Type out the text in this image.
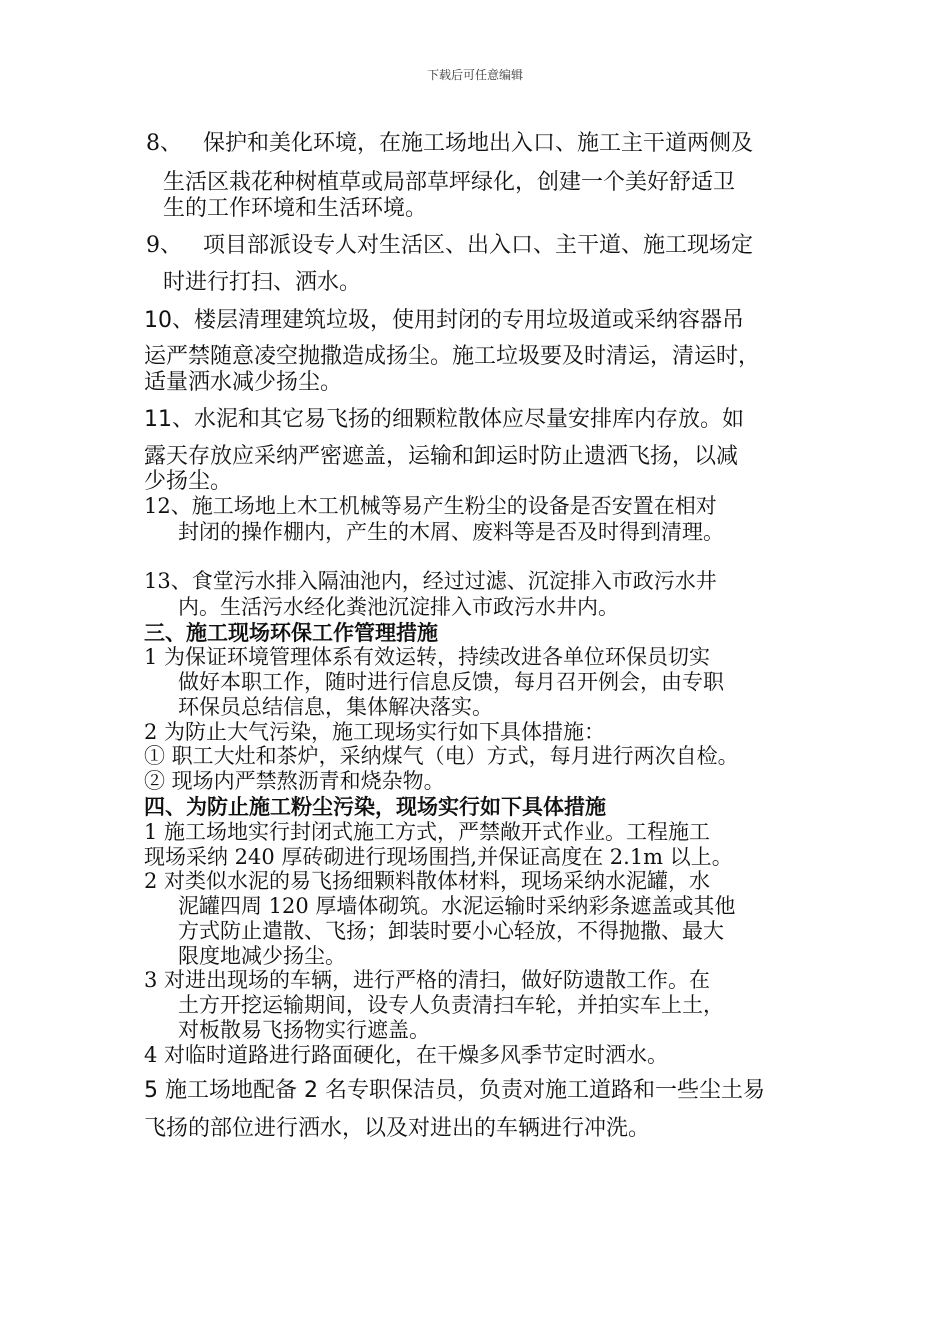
下载后可任意编辑
8、 保护和美化环境，在施工场地出入口、施工主干道两侧及
生活区栽花种树植草或局部草坪绿化，创建一个美好舒适卫
生的工作环境和生活环境。
9、 项目部派设专人对生活区、出入口、主干道、施工现场定
时进行打扫、洒水。
10、楼层清理建筑垃圾，使用封闭的专用垃圾道或采纳容器吊
运严禁随意凌空抛撒造成扬尘。施工垃圾要及时清运，清运时，
适量洒水减少扬尘。
11、水泥和其它易飞扬的细颗粒散体应尽量安排库内存放。如
露天存放应采纳严密遮盖，运输和卸运时防止遗洒飞扬，以减
少扬尘。
12、施工场地上木工机械等易产生粉尘的设备是否安置在相对
封闭的操作棚内，产生的木屑、废料等是否及时得到清理。
13、食堂污水排入隔油池内，经过过滤、沉淀排入市政污水井
内。生活污水经化粪池沉淀排入市政污水井内。
三、施工现场环保工作管理措施
1 为保证环境管理体系有效运转，持续改进各单位环保员切实
做好本职工作，随时进行信息反馈，每月召开例会，由专职
环保员总结信息，集体解决落实。
2 为防止大气污染，施工现场实行如下具体措施：
① 职工大灶和茶炉，采纳煤气（电）方式，每月进行两次自检。
② 现场内严禁熬沥青和烧杂物。
四、为防止施工粉尘污染，现场实行如下具体措施
1 施工场地实行封闭式施工方式，严禁敞开式作业。工程施工
现场采纳 240 厚砖砌进行现场围挡,并保证高度在 2.1m 以上。
2 对类似水泥的易飞扬细颗料散体材料，现场采纳水泥罐，水
泥罐四周 120 厚墙体砌筑。水泥运输时采纳彩条遮盖或其他
方式防止遣散、飞扬；卸装时要小心轻放，不得抛撒、最大
限度地减少扬尘。
3 对进出现场的车辆，进行严格的清扫，做好防遗散工作。在
土方开挖运输期间，设专人负责清扫车轮，并拍实车上土，
对板散易飞扬物实行遮盖。
4 对临时道路进行路面硬化，在干燥多风季节定时洒水。
5 施工场地配备 2 名专职保洁员，负责对施工道路和一些尘土易
飞扬的部位进行洒水，以及对进出的车辆进行冲洗。
